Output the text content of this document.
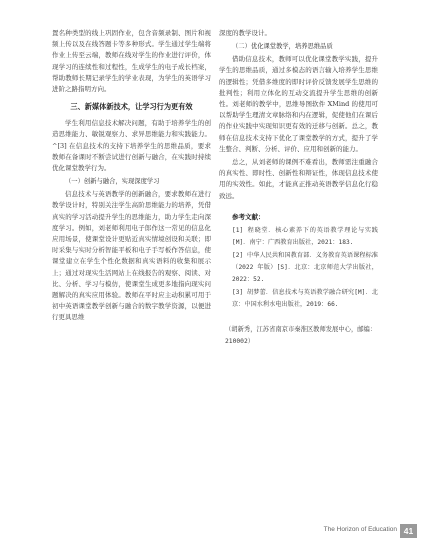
置名种类型的线上巩固作业，包含音频录制、图片和视频上传以及在线答题卡等多种形式。学生通过学生端将作业上传至云端，教师在线对学生的作业进行评价，体现学习的连续性和过程性，生成学生的电子成长档案，帮助教师长期记录学生的学业表现，为学生的英语学习进阶之路指明方向。

三、新媒体新技术，让学习行为更有效

学生利用信息技术解决问题，有助于培养学生的创造思维能力、敏锐观察力、求异思维能力和实践能力。^[3] 在信息技术的支持下培养学生的思维品质，要求教师在备课时不断尝试进行创新与融合，在实践时持续优化课堂教学行为。

（一）创新与融合，实现深度学习

信息技术与英语教学的创新融合，要求教师在进行教学设计时，特别关注学生高阶思维能力的培养，凭借真实的学习活动提升学生的思维能力，助力学生走向深度学习。例如，刘老师利用电子郎作这一常见的信息化应用场景，使课堂设计更贴近真实情境创设和关联；即时采集与实时分析智能平板和电子手写板作答信息，使课堂建立在学生个性化数据和真实语料的收集和展示上；通过对现实生活网站上在线报告的观察、阅读、对比、分析、学习与模仿，使课堂生成更多地指向现实问题解决的真实应用体验。教师在平时应主动积累可用于初中英语课堂教学创新与融合的数字教学资源，以便进行更具思维

深度的教学设计。

（二）优化课堂教学，培养思维品质

借助信息技术，教师可以优化课堂教学实践，提升学生的思维品质，通过多模态的语言输入培养学生思维的逻辑性；凭借多维度的即时评价反馈发展学生思维的批判性；利用立体化的互动交流提升学生思维的创新性。刘老师的教学中，思维导图软件 XMind 的使用可以帮助学生理清文章脉络和内在逻辑，促使他们在课后的作业实践中实现知识更有效的迁移与创新。总之，教师在信息技术支持下优化了课堂教学的方式，提升了学生整合、判断、分析、评价、应用和创新的能力。

总之，从刘老师的课例不难看出，教师需注重融合的真实性、即时性、创新性和辩证性，体现信息技术使用的实效性。如此，才能真正推动英语教学信息化行稳致远。

参考文献：

[1] 程晓堂．核心素养下的英语教学理论与实践[M]．南宁：广西教育出版社，2021：183.

[2] 中华人民共和国教育部．义务教育英语课程标准（2022 年版）[S]．北京：北京师范大学出版社，2022：52.

[3] 胡梦蕾．信息技术与英语教学融合研究[M]．北京：中国水利水电出版社，2019：66.

（胡新秀，江苏省南京市秦淮区教师发展中心，邮编：210002）

The Horizon of Education 41
